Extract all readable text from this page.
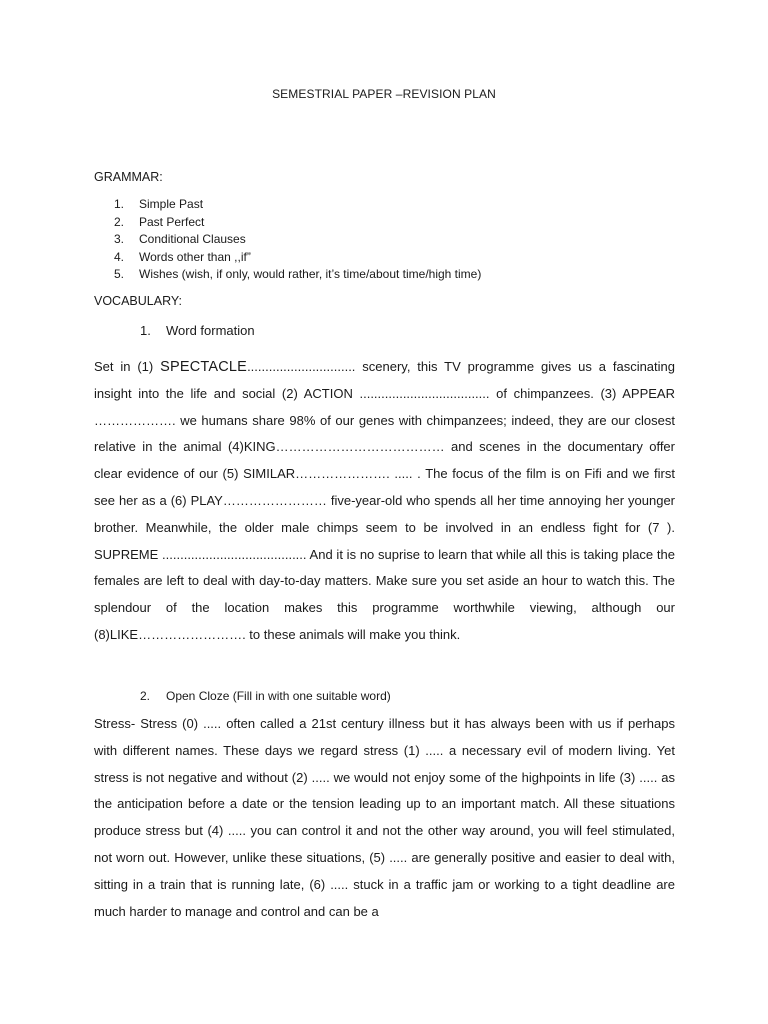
SEMESTRIAL PAPER –REVISION PLAN
GRAMMAR:
1.	Simple Past
2.	Past Perfect
3.	Conditional Clauses
4.	Words other than ,,if”
5.	Wishes (wish, if only, would rather, it’s time/about time/high time)
VOCABULARY:
1.	Word formation

Set in (1) SPECTACLE.............................. scenery, this TV programme gives us a fascinating insight into the life and social (2) ACTION .................................... of chimpanzees. (3) APPEAR ………………. we humans share 98% of our genes with chimpanzees; indeed, they are our closest relative in the animal (4)KING………………………………… and scenes in the documentary offer clear evidence of our (5) SIMILAR…………………. ..... . The focus of the film is on Fifi and we first see her as a (6) PLAY…………………… five-year-old who spends all her time annoying her younger brother. Meanwhile, the older male chimps seem to be involved in an endless fight for (7 ). SUPREME ........................................ And it is no suprise to learn that while all this is taking place the females are left to deal with day-to-day matters. Make sure you set aside an hour to watch this. The splendour of the location makes this programme worthwhile viewing, although our (8)LIKE……………………. to these animals will make you think.

2.	Open Cloze (Fill in with one suitable word)

Stress- Stress (0) ..... often called a 21st century illness but it has always been with us if perhaps with different names. These days we regard stress (1) ..... a necessary evil of modern living. Yet stress is not negative and without (2) ..... we would not enjoy some of the highpoints in life (3) ..... as the anticipation before a date or the tension leading up to an important match. All these situations produce stress but (4) ..... you can control it and not the other way around, you will feel stimulated, not worn out. However, unlike these situations, (5) ..... are generally positive and easier to deal with, sitting in a train that is running late, (6) ..... stuck in a traffic jam or working to a tight deadline are much harder to manage and control and can be a
